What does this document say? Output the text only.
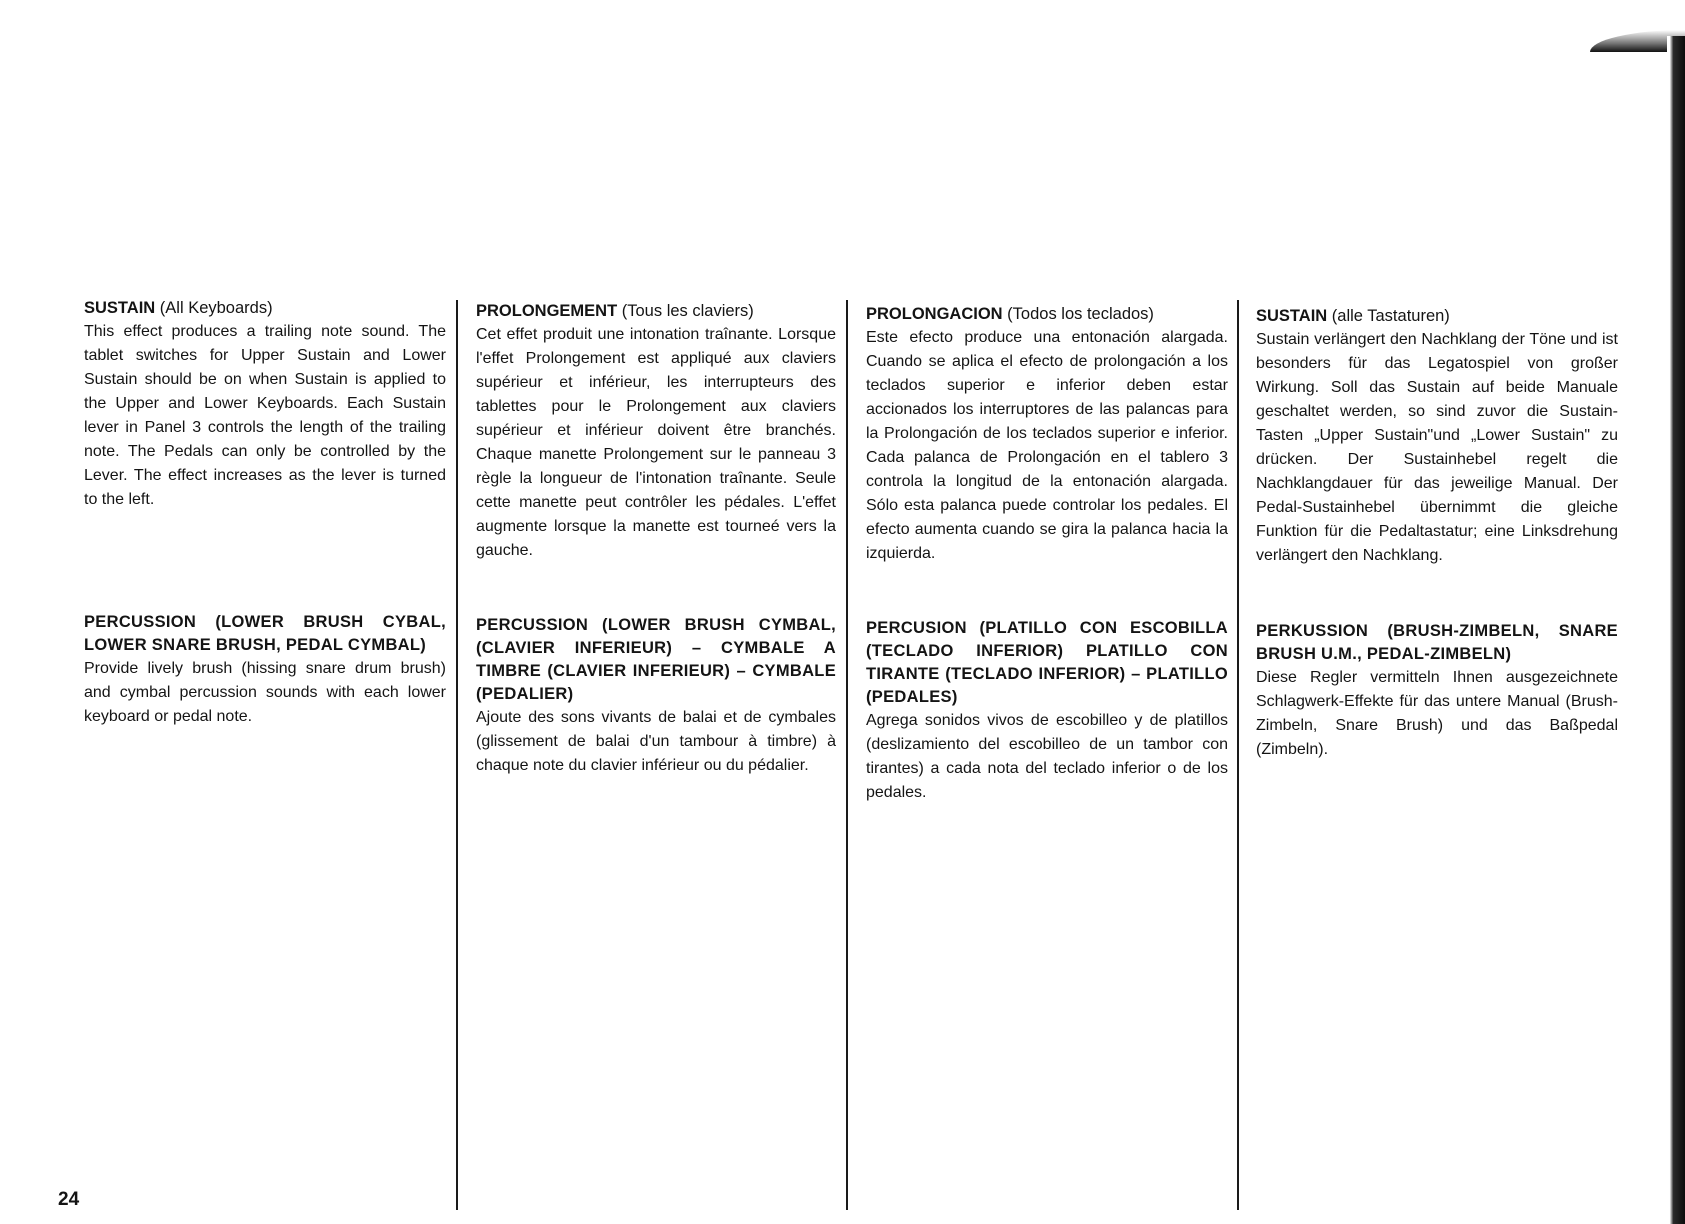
SUSTAIN (All Keyboards)

This effect produces a trailing note sound. The tablet switches for Upper Sustain and Lower Sustain should be on when Sustain is applied to the Upper and Lower Keyboards. Each Sustain lever in Panel 3 controls the length of the trailing note. The Pedals can only be controlled by the Lever. The effect increases as the lever is turned to the left.

PERCUSSION (LOWER BRUSH CYBAL, LOWER SNARE BRUSH, PEDAL CYMBAL)

Provide lively brush (hissing snare drum brush) and cymbal percussion sounds with each lower keyboard or pedal note.

PROLONGEMENT (Tous les claviers)

Cet effet produit une intonation traînante. Lorsque l'effet Prolongement est appliqué aux claviers supérieur et inférieur, les interrupteurs des tablettes pour le Prolongement aux claviers supérieur et inférieur doivent être branchés. Chaque manette Prolongement sur le panneau 3 règle la longueur de l'intonation traînante. Seule cette manette peut contrôler les pédales. L'effet augmente lorsque la manette est tourneé vers la gauche.

PERCUSSION (LOWER BRUSH CYMBAL, (CLAVIER INFERIEUR) – CYMBALE A TIMBRE (CLAVIER INFERIEUR) – CYMBALE (PEDALIER)

Ajoute des sons vivants de balai et de cymbales (glissement de balai d'un tambour à timbre) à chaque note du clavier inférieur ou du pédalier.

PROLONGACION (Todos los teclados)

Este efecto produce una entonación alargada. Cuando se aplica el efecto de prolongación a los teclados superior e inferior deben estar accionados los interruptores de las palancas para la Prolongación de los teclados superior e inferior. Cada palanca de Prolongación en el tablero 3 controla la longitud de la entonación alargada. Sólo esta palanca puede controlar los pedales. El efecto aumenta cuando se gira la palanca hacia la izquierda.

PERCUSION (PLATILLO CON ESCOBILLA (TECLADO INFERIOR) PLATILLO CON TIRANTE (TECLADO INFERIOR) – PLATILLO (PEDALES)

Agrega sonidos vivos de escobilleo y de platillos (deslizamiento del escobilleo de un tambor con tirantes) a cada nota del teclado inferior o de los pedales.

SUSTAIN (alle Tastaturen)

Sustain verlängert den Nachklang der Töne und ist besonders für das Legatospiel von großer Wirkung. Soll das Sustain auf beide Manuale geschaltet werden, so sind zuvor die Sustain-Tasten „Upper Sustain"und „Lower Sustain" zu drücken. Der Sustainhebel regelt die Nachklangdauer für das jeweilige Manual. Der Pedal-Sustainhebel übernimmt die gleiche Funktion für die Pedaltastatur; eine Linksdrehung verlängert den Nachklang.

PERKUSSION (BRUSH-ZIMBELN, SNARE BRUSH U.M., PEDAL-ZIMBELN)

Diese Regler vermitteln Ihnen ausgezeichnete Schlagwerk-Effekte für das untere Manual (Brush-Zimbeln, Snare Brush) und das Baßpedal (Zimbeln).

24
